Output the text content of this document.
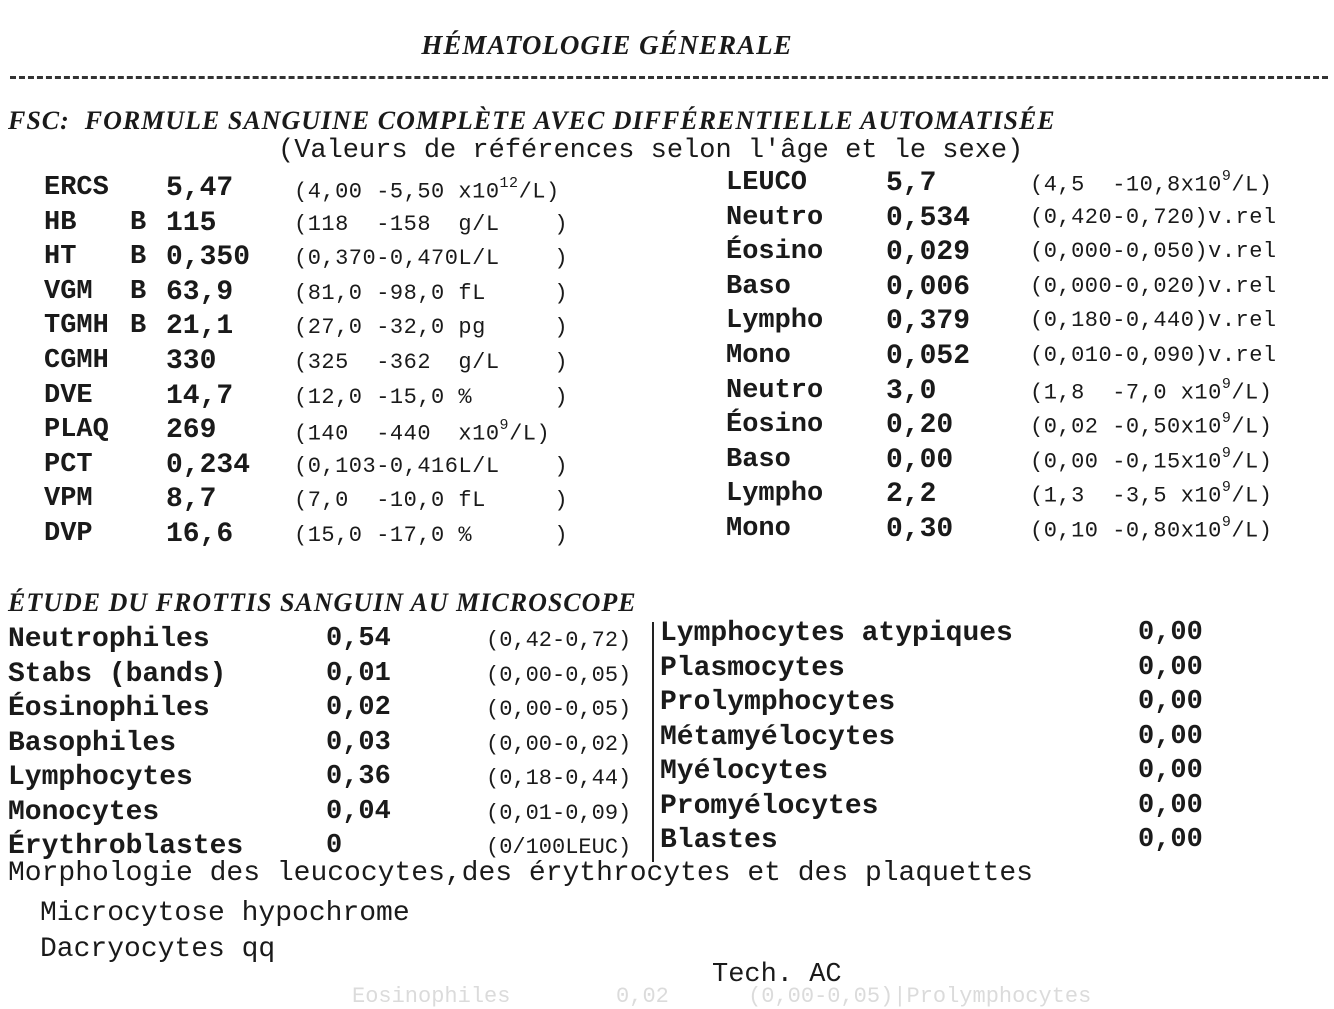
HÉMATOLOGIE GÉNERALE
FSC:  FORMULE SANGUINE COMPLÈTE AVEC DIFFÉRENTIELLE AUTOMATISÉE
(Valeurs de références selon l'âge et le sexe)
ERCS 5,47	(4,00 -5,50 $x10^{12}/L$)
HB B 115	(118  -158  g/L    )
HT B 0,350 (0,370-0,470L/L    )
VGM B 63,9	(81,0 -98,0 fL     )
TGMH B 21,1	(27,0 -32,0 pg     )
CGMH 330	(325  -362  g/L    )
DVE	14,7	(12,0 -15,0 %      )
PLAQ 269	(140  -440  $x10^9/L$)
PCT	0,234 (0,103-0,416L/L    )
VPM	8,7	(7,0  -10,0 fL     )
DVP	16,6	(15,0 -17,0 %      )
LEUCO	5,7	(4,5  $-10,8x10^9/L$)
Neutro 0,534	(0,420-0,720)v.rel
Éosino 0,029	(0,000-0,050)v.rel
Baso	0,006	(0,000-0,020)v.rel
Lympho 0,379	(0,180-0,440)v.rel
Mono	0,052	(0,010-0,090)v.rel
Neutro 3,0	(1,8  -7,0 $x10^9/L$)
Éosino 0,20	(0,02 $-0,50x10^9/L$)
Baso	0,00	(0,00 $-0,15x10^9/L$)
Lympho 2,2	(1,3  -3,5 $x10^9/L$)
Mono	0,30	(0,10 $-0,80x10^9/L$)
ÉTUDE DU FROTTIS SANGUIN AU MICROSCOPE
Neutrophiles	0,54	(0,42-0,72)
Stabs (bands)	0,01	(0,00-0,05)
Éosinophiles	0,02	(0,00-0,05)
Basophiles	0,03	(0,00-0,02)
Lymphocytes	0,36	(0,18-0,44)
Monocytes	0,04	(0,01-0,09)
Érythroblastes	0	(0/100LEUC)
Lymphocytes atypiques	0,00
Plasmocytes	0,00
Prolymphocytes	0,00
Métamyélocytes	0,00
Myélocytes	0,00
Promyélocytes	0,00
Blastes	0,00
Morphologie des leucocytes,des érythrocytes et des plaquettes
Microcytose hypochrome
Dacryocytes qq
Tech. AC
Eosinophiles        0,02      (0,00-0,05)|Prolymphocytes
